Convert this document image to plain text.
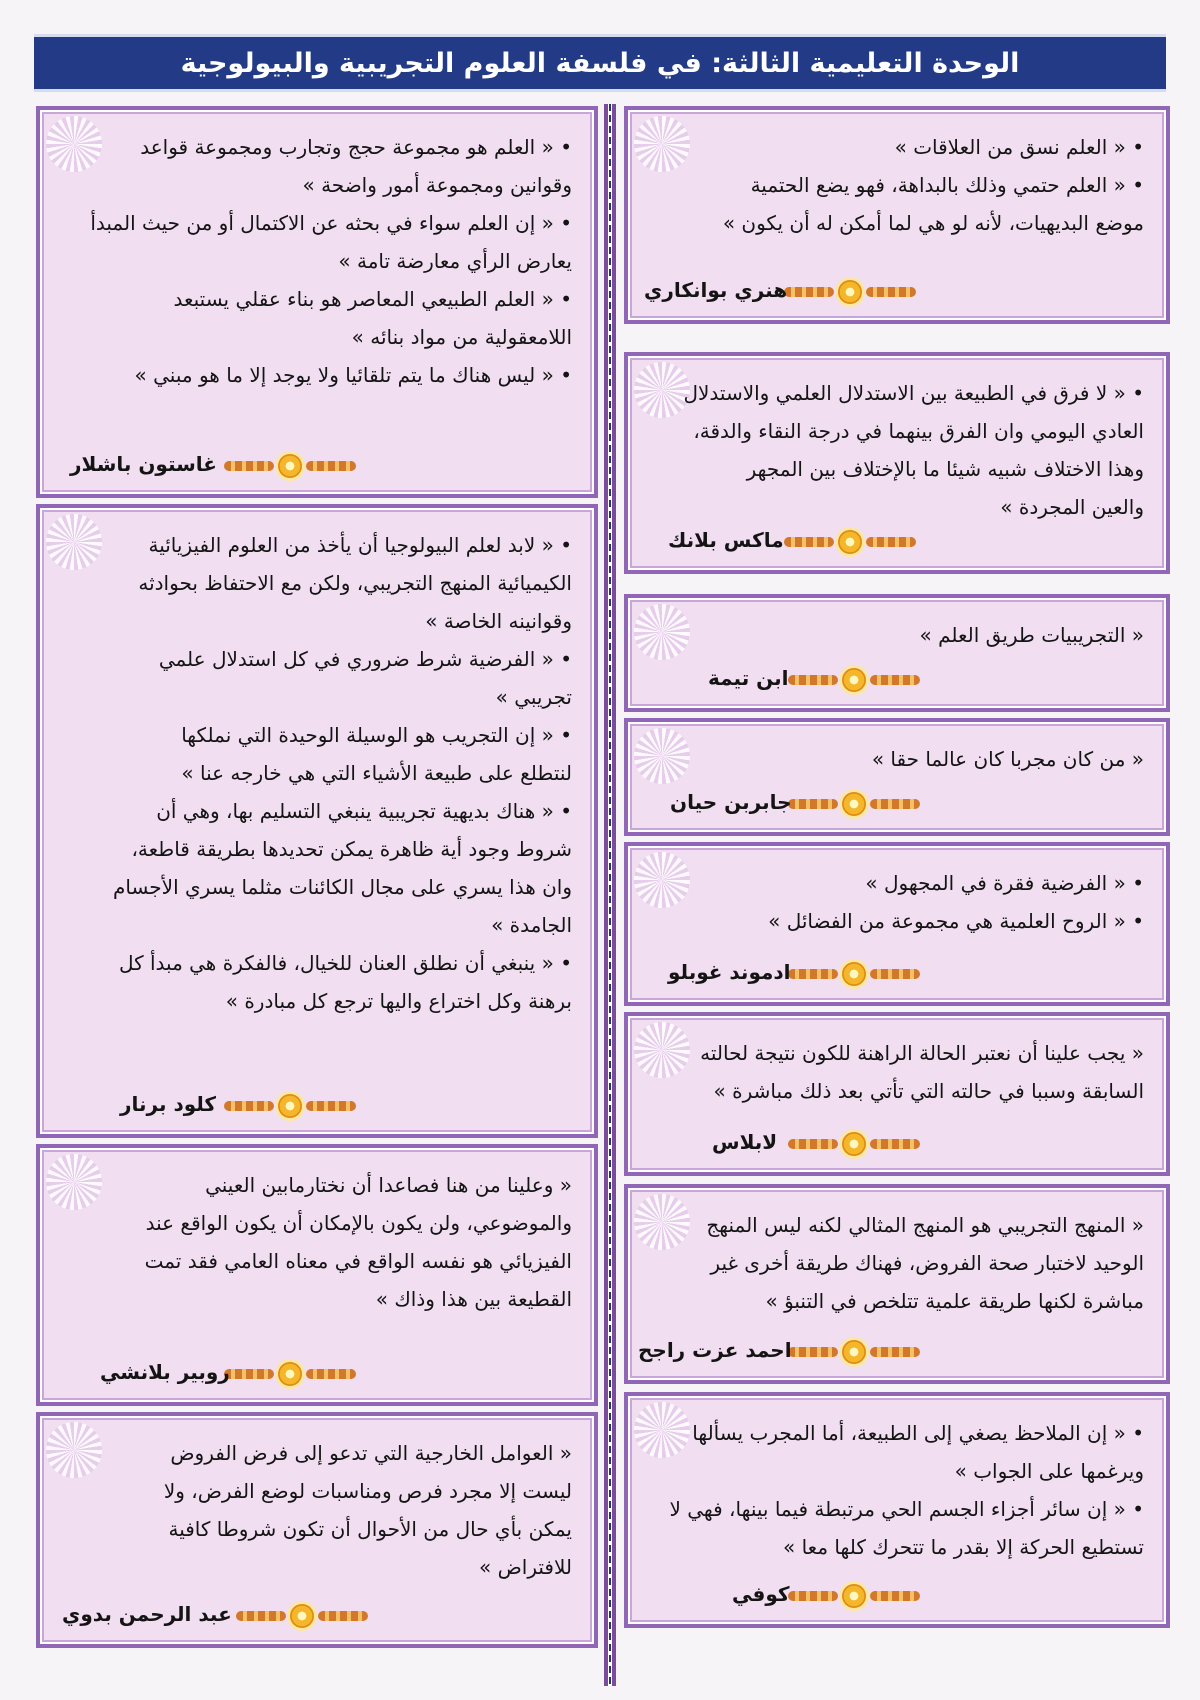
الوحدة التعليمية الثالثة: في فلسفة العلوم التجريبية والبيولوجية
• « العلم نسق من العلاقات »
• « العلم حتمي وذلك بالبداهة، فهو يضع الحتمية
موضع البديهيات، لأنه لو هي لما أمكن له أن يكون »
هنري بوانكاري
• « لا فرق في الطبيعة بين الاستدلال العلمي والاستدلال
العادي اليومي وان الفرق بينهما في درجة النقاء والدقة،
وهذا الاختلاف شبيه شيئا ما بالإختلاف بين المجهر
والعين المجردة »
ماكس بلانك
« التجريبيات طريق العلم »
ابن تيمة
« من كان مجربا كان عالما حقا »
جابربن حيان
• « الفرضية فقرة في المجهول »
• « الروح العلمية هي مجموعة من الفضائل »
ادموند غوبلو
« يجب علينا أن نعتبر الحالة الراهنة للكون نتيجة لحالته
السابقة وسببا في حالته التي تأتي بعد ذلك مباشرة »
لابلاس
« المنهج التجريبي هو المنهج المثالي لكنه ليس المنهج
الوحيد لاختبار صحة الفروض، فهناك طريقة أخرى غير
مباشرة لكنها طريقة علمية تتلخص في التنبؤ »
احمد عزت راجح
• « إن الملاحظ يصغي إلى الطبيعة، أما المجرب يسألها
ويرغمها على الجواب »
• « إن سائر أجزاء الجسم الحي مرتبطة فيما بينها، فهي لا
تستطيع الحركة إلا بقدر ما تتحرك كلها معا »
كوفي
• « العلم هو مجموعة حجج وتجارب ومجموعة قواعد
وقوانين ومجموعة أمور واضحة »
• « إن العلم سواء في بحثه عن الاكتمال أو من حيث المبدأ
يعارض الرأي معارضة تامة »
• « العلم الطبيعي المعاصر هو بناء عقلي يستبعد
اللامعقولية من مواد بنائه »
• « ليس هناك ما يتم تلقائيا ولا يوجد إلا ما هو مبني »
غاستون باشلار
• « لابد لعلم البيولوجيا أن يأخذ من العلوم الفيزيائية
الكيميائية المنهج التجريبي، ولكن مع الاحتفاظ بحوادثه
وقوانينه الخاصة »
• « الفرضية شرط ضروري في كل استدلال علمي
تجريبي »
• « إن التجريب هو الوسيلة الوحيدة التي نملكها
لنتطلع على طبيعة الأشياء التي هي خارجه عنا »
• « هناك بديهية تجريبية ينبغي التسليم بها، وهي أن
شروط وجود أية ظاهرة يمكن تحديدها بطريقة قاطعة،
وان هذا يسري على مجال الكائنات مثلما يسري الأجسام
الجامدة »
• « ينبغي أن نطلق العنان للخيال، فالفكرة هي مبدأ كل
برهنة وكل اختراع واليها ترجع كل مبادرة »
كلود برنار
« وعلينا من هنا فصاعدا أن نختارمابين العيني
والموضوعي، ولن يكون بالإمكان أن يكون الواقع عند
الفيزيائي هو نفسه الواقع في معناه العامي فقد تمت
القطيعة بين هذا وذاك »
روبير بلانشي
« العوامل الخارجية التي تدعو إلى فرض الفروض
ليست إلا مجرد فرص ومناسبات لوضع الفرض، ولا
يمكن بأي حال من الأحوال أن تكون شروطا كافية
للافتراض »
عبد الرحمن بدوي
